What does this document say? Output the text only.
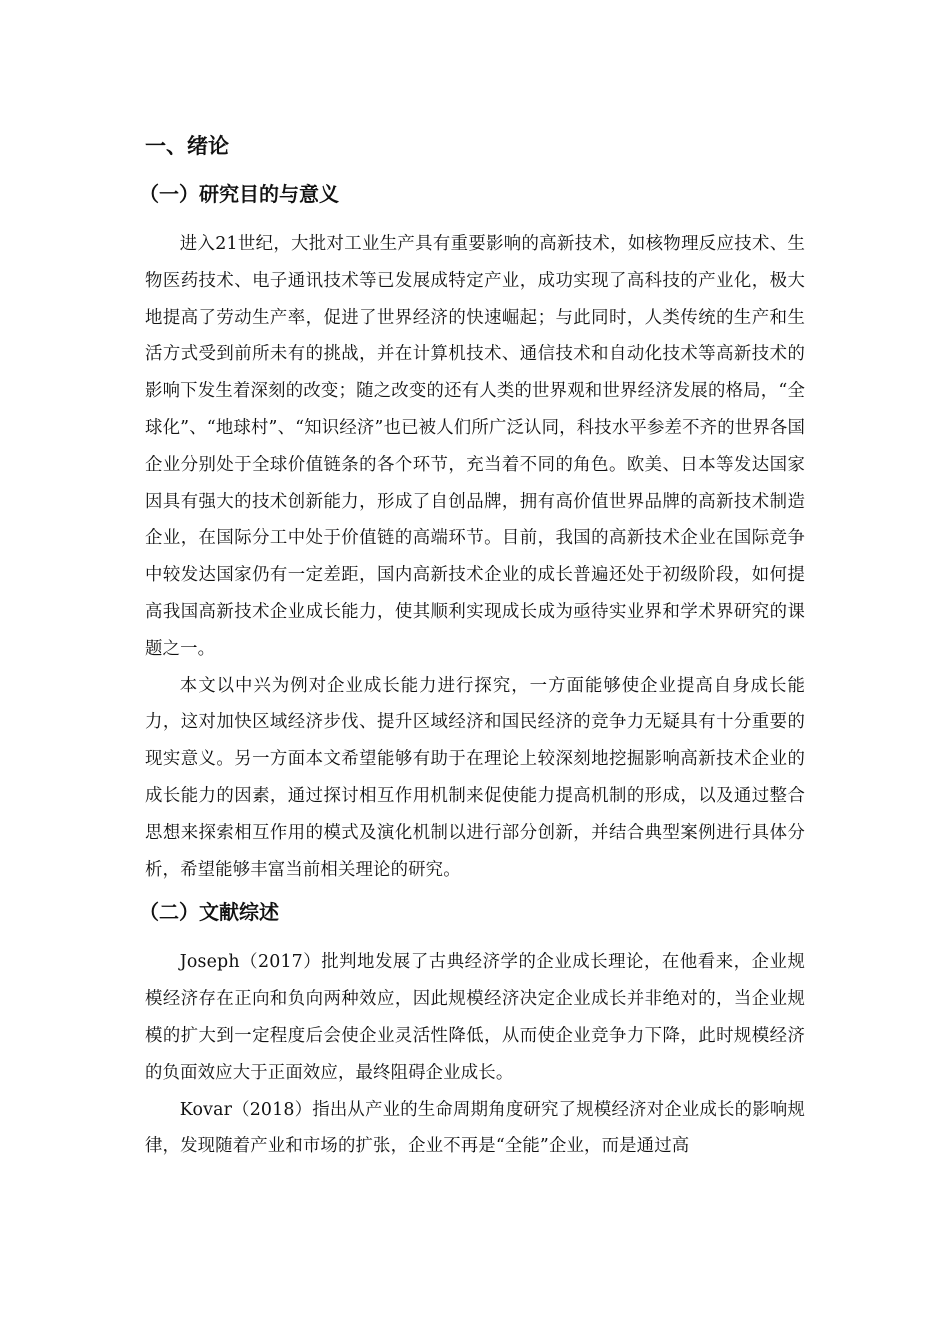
一、绪论
（一）研究目的与意义

进入21世纪，大批对工业生产具有重要影响的高新技术，如核物理反应技术、生物医药技术、电子通讯技术等已发展成特定产业，成功实现了高科技的产业化，极大地提高了劳动生产率，促进了世界经济的快速崛起；与此同时，人类传统的生产和生活方式受到前所未有的挑战，并在计算机技术、通信技术和自动化技术等高新技术的影响下发生着深刻的改变；随之改变的还有人类的世界观和世界经济发展的格局，“全球化”、“地球村”、“知识经济”也已被人们所广泛认同，科技水平参差不齐的世界各国企业分别处于全球价值链条的各个环节，充当着不同的角色。欧美、日本等发达国家因具有强大的技术创新能力，形成了自创品牌，拥有高价值世界品牌的高新技术制造企业，在国际分工中处于价值链的高端环节。目前，我国的高新技术企业在国际竞争中较发达国家仍有一定差距，国内高新技术企业的成长普遍还处于初级阶段，如何提高我国高新技术企业成长能力，使其顺利实现成长成为亟待实业界和学术界研究的课题之一。

本文以中兴为例对企业成长能力进行探究，一方面能够使企业提高自身成长能力，这对加快区域经济步伐、提升区域经济和国民经济的竞争力无疑具有十分重要的现实意义。另一方面本文希望能够有助于在理论上较深刻地挖掘影响高新技术企业的成长能力的因素，通过探讨相互作用机制来促使能力提高机制的形成，以及通过整合思想来探索相互作用的模式及演化机制以进行部分创新，并结合典型案例进行具体分析，希望能够丰富当前相关理论的研究。

（二）文献综述

Joseph（2017）批判地发展了古典经济学的企业成长理论，在他看来，企业规模经济存在正向和负向两种效应，因此规模经济决定企业成长并非绝对的，当企业规模的扩大到一定程度后会使企业灵活性降低，从而使企业竞争力下降，此时规模经济的负面效应大于正面效应，最终阻碍企业成长。

Kovar（2018）指出从产业的生命周期角度研究了规模经济对企业成长的影响规律，发现随着产业和市场的扩张，企业不再是“全能”企业，而是通过高
